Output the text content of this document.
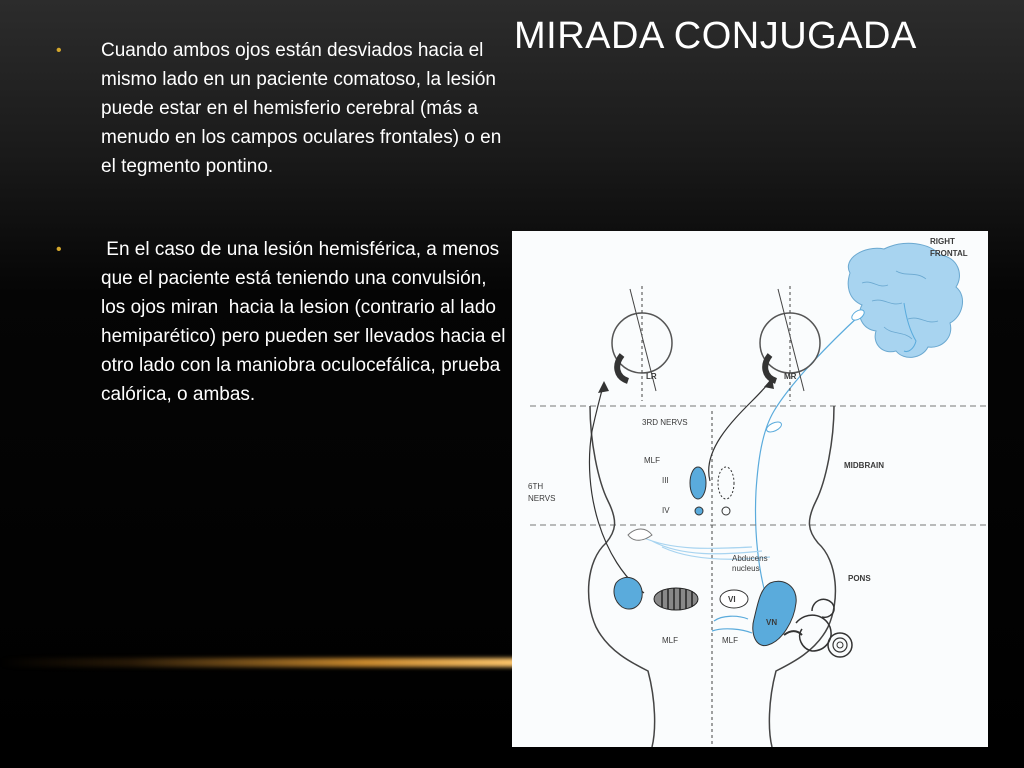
MIRADA CONJUGADA
• Cuando ambos ojos están desviados hacia el mismo lado en un paciente comatoso, la lesión puede estar en el hemisferio cerebral (más a menudo en los campos oculares frontales) o en el tegmento pontino.
• En el caso de una lesión hemisférica, a menos que el paciente está teniendo una convulsión, los ojos miran  hacia la lesion (contrario al lado hemiparético) pero pueden ser llevados hacia el otro lado con la maniobra oculocefálica, prueba calórica, o ambas.
RIGHT
FRONTAL
LR	MR
3RD NERVS
MIDBRAIN
6TH
NERVS
MLF
III
IV
Abducens
nucleus
PONS
VI
VN
MLF	MLF
